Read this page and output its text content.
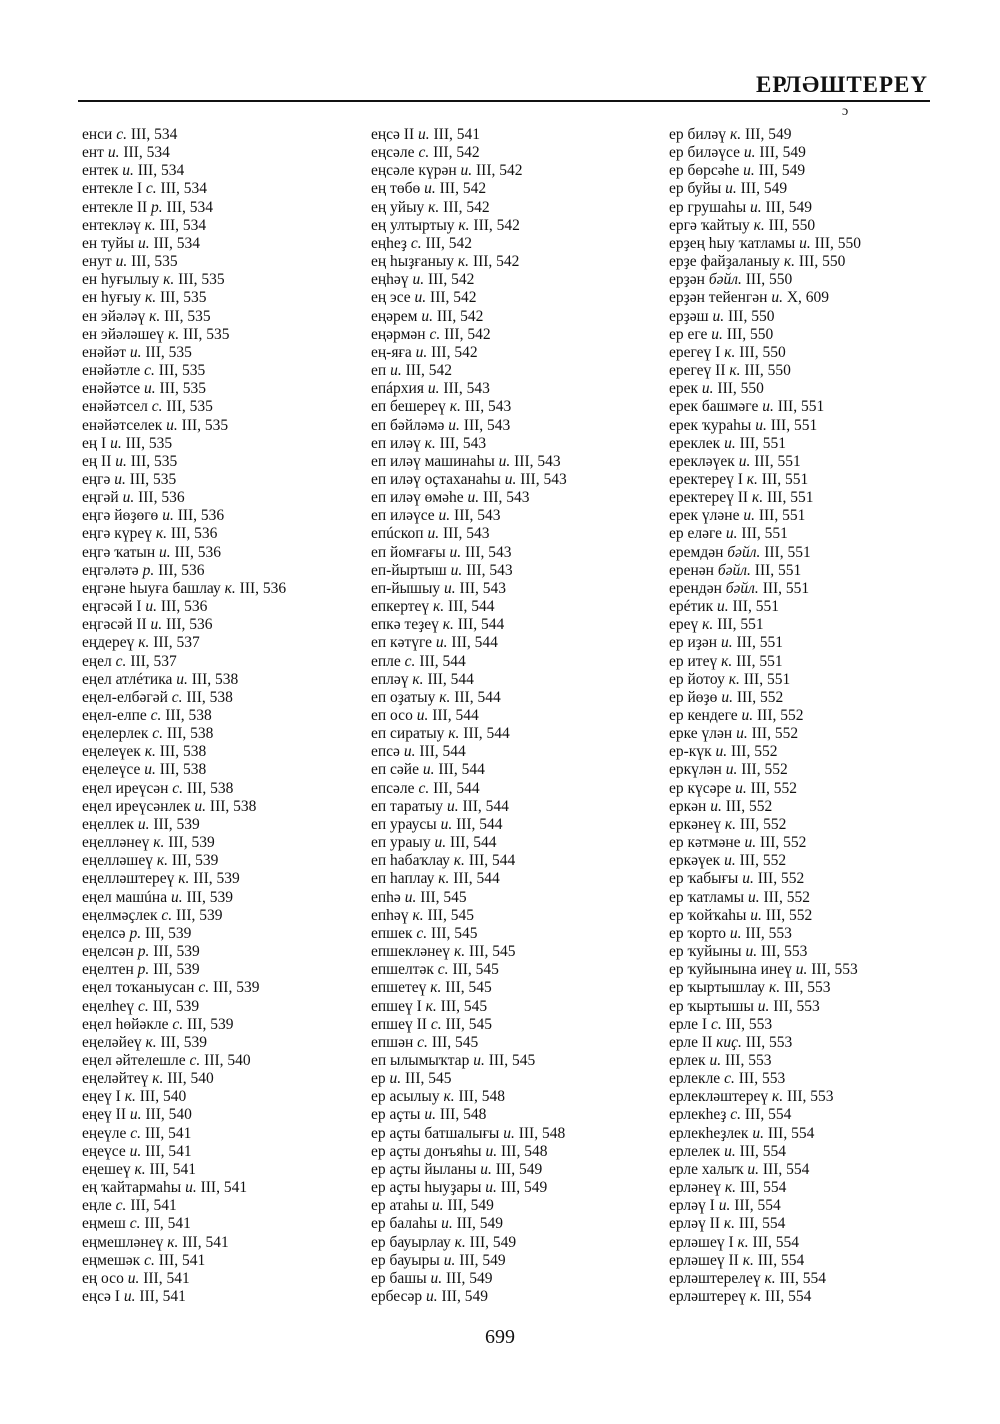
ЕРЛӘШТЕРЕҮ
ɔ
енси с. III, 534
ент и. III, 534
ентек и. III, 534
ентекле I с. III, 534
ентекле II р. III, 534
ентекләү к. III, 534
ен туйы и. III, 534
енут и. III, 535
ен һуғылыу к. III, 535
ен һуғыу к. III, 535
ен эйәләү к. III, 535
ен эйәләшеү к. III, 535
енәйәт и. III, 535
енәйәтле с. III, 535
енәйәтсе и. III, 535
енәйәтсел с. III, 535
енәйәтселек и. III, 535
ең I и. III, 535
ең II и. III, 535
еңгә и. III, 535
еңгәй и. III, 536
еңгә йөҙөгө и. III, 536
еңгә күреү к. III, 536
еңгә ҡатын и. III, 536
еңгәләтә р. III, 536
еңгәне һыуға башлау к. III, 536
еңгәсәй I и. III, 536
еңгәсәй II и. III, 536
еңдереү к. III, 537
еңел с. III, 537
еңел атлéтика и. III, 538
еңел-елбәгәй с. III, 538
еңел-елпе с. III, 538
еңелерлек с. III, 538
еңелеүек к. III, 538
еңелеүсе и. III, 538
еңел иреүсән с. III, 538
еңел иреүсәнлек и. III, 538
еңеллек и. III, 539
еңелләнеү к. III, 539
еңелләшеү к. III, 539
еңелләштереү к. III, 539
еңел машúна и. III, 539
еңелмәҫлек с. III, 539
еңелсә р. III, 539
еңелсән р. III, 539
еңелтен р. III, 539
еңел тоҡаныусан с. III, 539
еңелһеү с. III, 539
еңел һөйәкле с. III, 539
еңеләйеү к. III, 539
еңел әйтелешле с. III, 540
еңеләйтеү к. III, 540
еңеү I к. III, 540
еңеү II и. III, 540
еңеүле с. III, 541
еңеүсе и. III, 541
еңешеү к. III, 541
ең ҡайтармаһы и. III, 541
еңле с. III, 541
еңмеш с. III, 541
еңмешләнеү к. III, 541
еңмешәк с. III, 541
ең осо и. III, 541
еңсә I и. III, 541
еңсә II и. III, 541
еңсәле с. III, 542
еңсәле күрән и. III, 542
ең төбө и. III, 542
ең уйыу к. III, 542
ең ултыртыу к. III, 542
еңһеҙ с. III, 542
ең һыҙғаныу к. III, 542
еңһәү и. III, 542
ең эсе и. III, 542
еңәрем и. III, 542
еңәрмән с. III, 542
ең-яға и. III, 542
еп и. III, 542
епáрхия и. III, 543
еп бешереү к. III, 543
еп бәйләмә и. III, 543
еп иләү к. III, 543
еп иләү машинаһы и. III, 543
еп иләү оҫтаханаһы и. III, 543
еп иләү өмәһе и. III, 543
еп иләүсе и. III, 543
епúскоп и. III, 543
еп йомғағы и. III, 543
еп-йыртыш и. III, 543
еп-йышыу и. III, 543
епкертеү к. III, 544
епкә теҙеү к. III, 544
еп кәтүге и. III, 544
епле с. III, 544
епләү к. III, 544
еп оҙатыу к. III, 544
еп осо и. III, 544
еп сиратыу к. III, 544
епсә и. III, 544
еп сәйе и. III, 544
епсәле с. III, 544
еп таратыу и. III, 544
еп ураусы и. III, 544
еп ураыу и. III, 544
еп һабаҡлау к. III, 544
еп һаплау к. III, 544
епһә и. III, 545
епһәү к. III, 545
епшек с. III, 545
епшекләнеү к. III, 545
епшелтәк с. III, 545
епшетеү к. III, 545
епшеү I к. III, 545
епшеү II с. III, 545
епшән с. III, 545
еп ылымыҡтар и. III, 545
ер и. III, 545
ер асылыу к. III, 548
ер аҫты и. III, 548
ер аҫты батшалығы и. III, 548
ер аҫты донъяһы и. III, 548
ер аҫты йыланы и. III, 549
ер аҫты һыуҙары и. III, 549
ер атаһы и. III, 549
ер балаһы и. III, 549
ер бауырлау к. III, 549
ер бауыры и. III, 549
ер башы и. III, 549
ербесәр и. III, 549
ер биләү к. III, 549
ер биләүсе и. III, 549
ер бөрсәһе и. III, 549
ер буйы и. III, 549
ер грушаһы и. III, 549
ергә ҡайтыу к. III, 550
ерҙең һыу ҡатламы и. III, 550
ерҙе файҙаланыу к. III, 550
ерҙән бәйл. III, 550
ерҙән тейенгән и. X, 609
ерҙәш и. III, 550
ер еге и. III, 550
ерегеү I к. III, 550
ерегеү II к. III, 550
ерек и. III, 550
ерек башмәге и. III, 551
ерек ҡураһы и. III, 551
ереклек и. III, 551
ерекләүек и. III, 551
еректереү I к. III, 551
еректереү II к. III, 551
ерек үләне и. III, 551
ер еләге и. III, 551
еремдән бәйл. III, 551
еренән бәйл. III, 551
ерендән бәйл. III, 551
ерéтик и. III, 551
ереү к. III, 551
ер иҙән и. III, 551
ер итеү к. III, 551
ер йотоу к. III, 551
ер йөҙө и. III, 552
ер кендеге и. III, 552
ерке үлән и. III, 552
ер-күк и. III, 552
еркүлән и. III, 552
ер күсәре и. III, 552
еркән и. III, 552
еркәнеү к. III, 552
ер кәтмәне и. III, 552
еркәүек и. III, 552
ер ҡабығы и. III, 552
ер ҡатламы и. III, 552
ер ҡойҡаһы и. III, 552
ер ҡорто и. III, 553
ер ҡуйыны и. III, 553
ер ҡуйынына инеү и. III, 553
ер ҡыртышлау к. III, 553
ер ҡыртышы и. III, 553
ерле I с. III, 553
ерле II киҫ. III, 553
ерлек и. III, 553
ерлекле с. III, 553
ерлекләштереү к. III, 553
ерлекһеҙ с. III, 554
ерлекһеҙлек и. III, 554
ерлелек и. III, 554
ерле халыҡ и. III, 554
ерләнеү к. III, 554
ерләү I и. III, 554
ерләү II к. III, 554
ерләшеү I к. III, 554
ерләшеү II к. III, 554
ерләштерелеү к. III, 554
ерләштереү к. III, 554
699
